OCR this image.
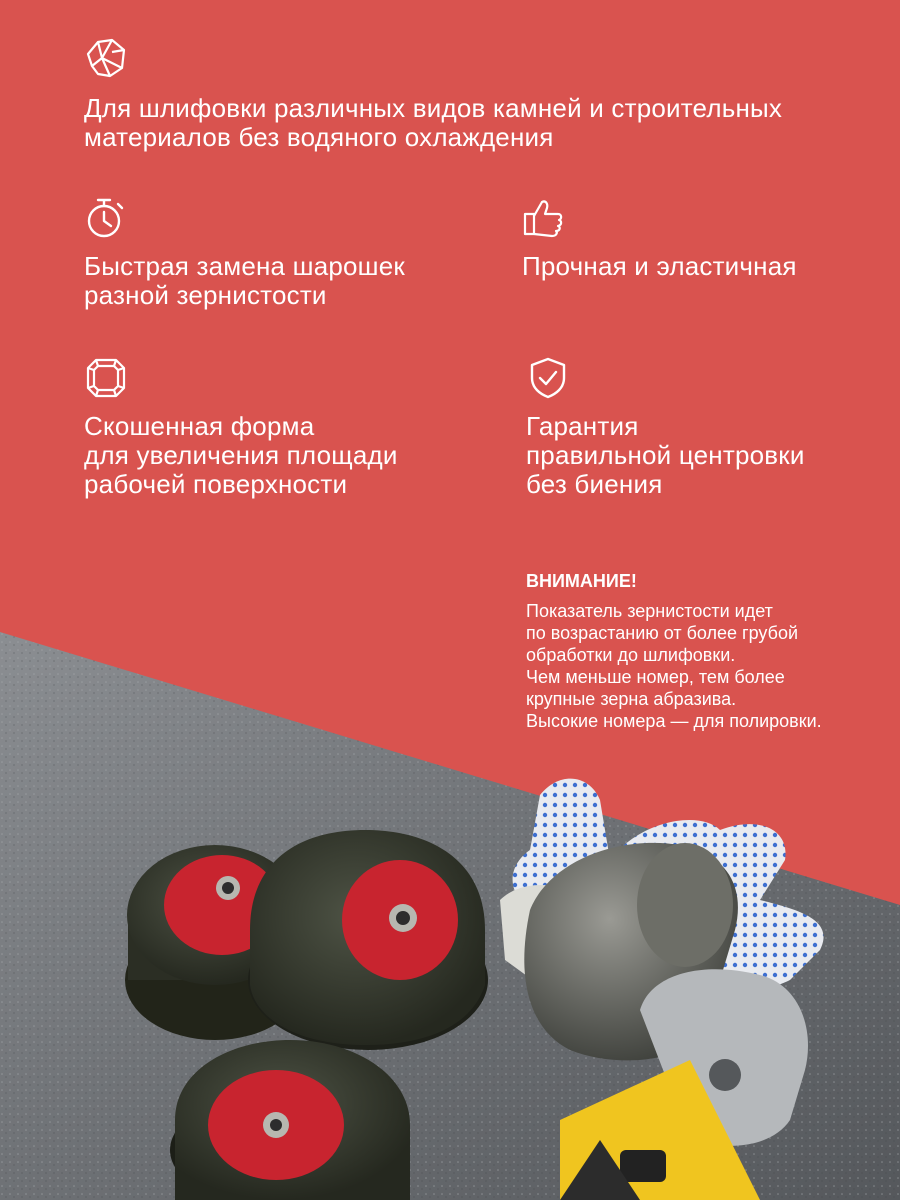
Для шлифовки различных видов камней и строительных
материалов без водяного охлаждения
Быстрая замена шарошек
разной зернистости
Прочная и эластичная
Скошенная форма
для увеличения площади
рабочей поверхности
Гарантия
правильной центровки
без биения
ВНИМАНИЕ!
Показатель зернистости идет
по возрастанию от более грубой
обработки до шлифовки.
Чем меньше номер, тем более
крупные зерна абразива.
Высокие номера — для полировки.
